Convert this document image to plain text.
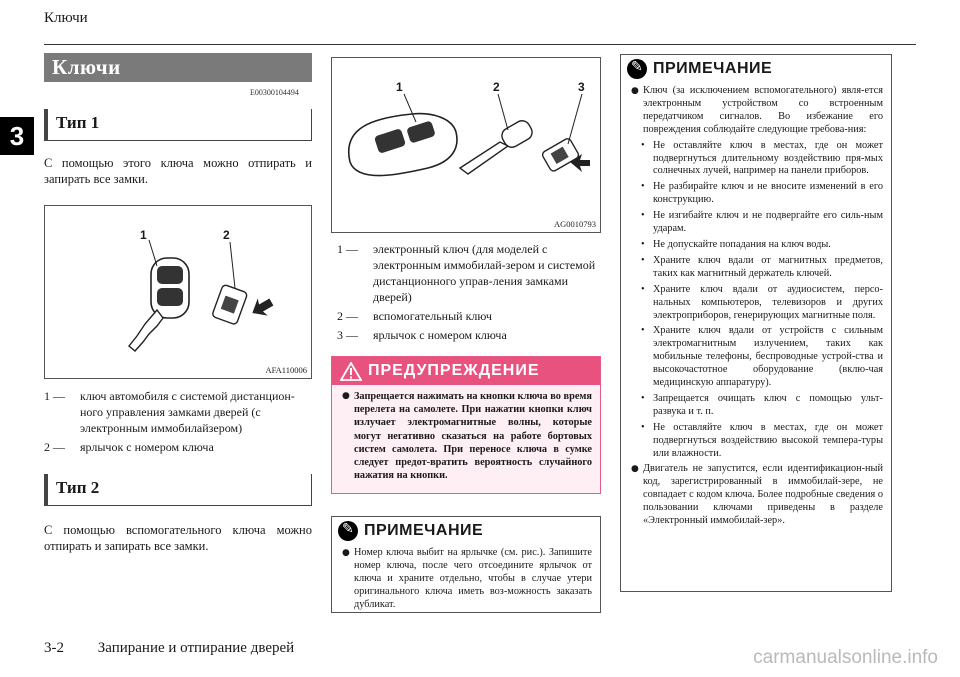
Ключи
3
Ключи
E00300104494
Тип 1
С помощью этого ключа можно отпирать и запирать все замки.
1	2
AFA110006
1 —	ключ автомобиля с системой дистанцион-ного управления замками дверей (с электронным иммобилайзером)
2 —	ярлычок с номером ключа
Тип 2
С помощью вспомогательного ключа можно отпирать и запирать все замки.
1	2	3
AG0010793
1 —	электронный ключ (для моделей с электронным иммобилай-зером и системой дистанционного управ-ления замками дверей)
2 —	вспомогательный ключ
3 —	ярлычок с номером ключа
ПРЕДУПРЕЖДЕНИЕ
● Запрещается нажимать на кнопки ключа во время перелета на самолете. При нажатии кнопки ключ излучает электромагнитные волны, которые могут негативно сказаться на работе бортовых систем самолета. При переносе ключа в сумке следует предот-вратить вероятность случайного нажатия на кнопки.
✎
ПРИМЕЧАНИЕ
● Номер ключа выбит на ярлычке (см. рис.). Запишите номер ключа, после чего отсоедините ярлычок от ключа и храните отдельно, чтобы в случае утери оригинального ключа иметь воз-можность заказать дубликат.
✎
ПРИМЕЧАНИЕ
● Ключ (за исключением вспомогательного) явля-ется электронным устройством со встроенным передатчиком сигналов. Во избежание его повреждения соблюдайте следующие требова-ния:
• Не оставляйте ключ в местах, где он может подвергнуться длительному воздействию пря-мых солнечных лучей, например на панели приборов.
• Не разбирайте ключ и не вносите изменений в его конструкцию.
• Не изгибайте ключ и не подвергайте его силь-ным ударам.
• Не допускайте попадания на ключ воды.
• Храните ключ вдали от магнитных предметов, таких как магнитный держатель ключей.
• Храните ключ вдали от аудиосистем, персо-нальных компьютеров, телевизоров и других электроприборов, генерирующих магнитные поля.
• Храните ключ вдали от устройств с сильным электромагнитным излучением, таких как мобильные телефоны, беспроводные устрой-ства и высокочастотное оборудование (вклю-чая медицинскую аппаратуру).
• Запрещается очищать ключ с помощью ульт-развука и т. п.
• Не оставляйте ключ в местах, где он может подвергнуться воздействию высокой темпера-туры или влажности.
● Двигатель не запустится, если идентификацион-ный код, зарегистрированный в иммобилай-зере, не совпадает с кодом ключа. Более подробные сведения о пользовании ключами приведены в разделе «Электронный иммобилай-зер».
3-2 Запирание и отпирание дверей	carmanualsonline.info
